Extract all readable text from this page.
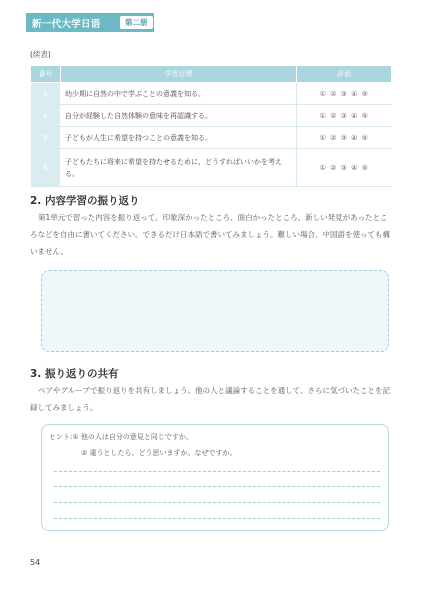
新一代大学日语	第二册
(续表)
番号	学習目標	評価
3	幼少期に自然の中で学ぶことの意義を知る。	① ② ③ ④ ⑤
4	自分が経験した自然体験の意味を再認識する。	① ② ③ ④ ⑤
5	子どもが人生に希望を持つことの意義を知る。	① ② ③ ④ ⑤
6	子どもたちに将来に希望を持たせるために、どうすればいいかを考える。	① ② ③ ④ ⑤
2. 内容学習の振り返り
第1単元で習った内容を振り返って、印象深かったところ、面白かったところ、新しい発見があったところなどを自由に書いてください。できるだけ日本語で書いてみましょう。難しい場合、中国語を使っても構いません。
3. 振り返りの共有
ペアやグループで振り返りを共有しましょう。他の人と議論することを通して、さらに気づいたことを記録してみましょう。
ヒント:① 他の人は自分の意見と同じですか。
② 違うとしたら、どう思いますか。なぜですか。
54
